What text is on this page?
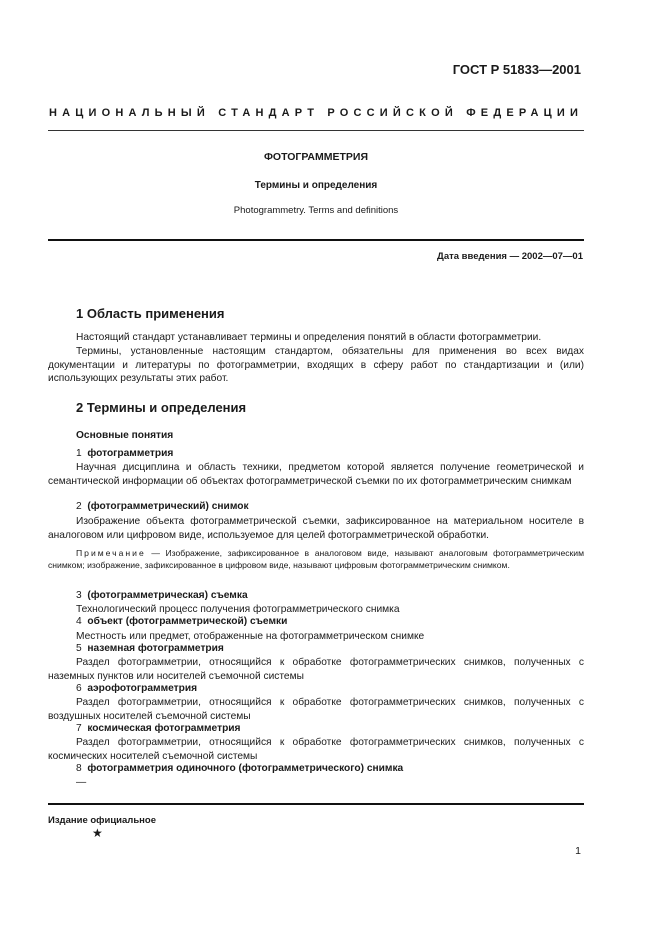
ГОСТ Р 51833—2001
НАЦИОНАЛЬНЫЙ СТАНДАРТ РОССИЙСКОЙ ФЕДЕРАЦИИ
ФОТОГРАММЕТРИЯ
Термины и определения
Photogrammetry. Terms and definitions
Дата введения — 2002—07—01
1 Область применения
Настоящий стандарт устанавливает термины и определения понятий в области фотограмметрии.
Термины, установленные настоящим стандартом, обязательны для применения во всех видах документации и литературы по фотограмметрии, входящих в сферу работ по стандартизации и (или) использующих результаты этих работ.
2 Термины и определения
Основные понятия
1 фотограмметрия
Научная дисциплина и область техники, предметом которой является получение геометрической и семантической информации об объектах фотограмметрической съемки по их фотограмметрическим снимкам
2 (фотограмметрический) снимок
Изображение объекта фотограмметрической съемки, зафиксированное на материальном носителе в аналоговом или цифровом виде, используемое для целей фотограмметрической обработки.
Примечание — Изображение, зафиксированное в аналоговом виде, называют аналоговым фотограмметрическим снимком; изображение, зафиксированное в цифровом виде, называют цифровым фотограмметрическим снимком.
3 (фотограмметрическая) съемка
Технологический процесс получения фотограмметрического снимка
4 объект (фотограмметрической) съемки
Местность или предмет, отображенные на фотограмметрическом снимке
5 наземная фотограмметрия
Раздел фотограмметрии, относящийся к обработке фотограмметрических снимков, полученных с наземных пунктов или носителей съемочной системы
6 аэрофотограмметрия
Раздел фотограмметрии, относящийся к обработке фотограмметрических снимков, полученных с воздушных носителей съемочной системы
7 космическая фотограмметрия
Раздел фотограмметрии, относящийся к обработке фотограмметрических снимков, полученных с космических носителей съемочной системы
8 фотограмметрия одиночного (фотограмметрического) снимка
—
Издание официальное
★
1
